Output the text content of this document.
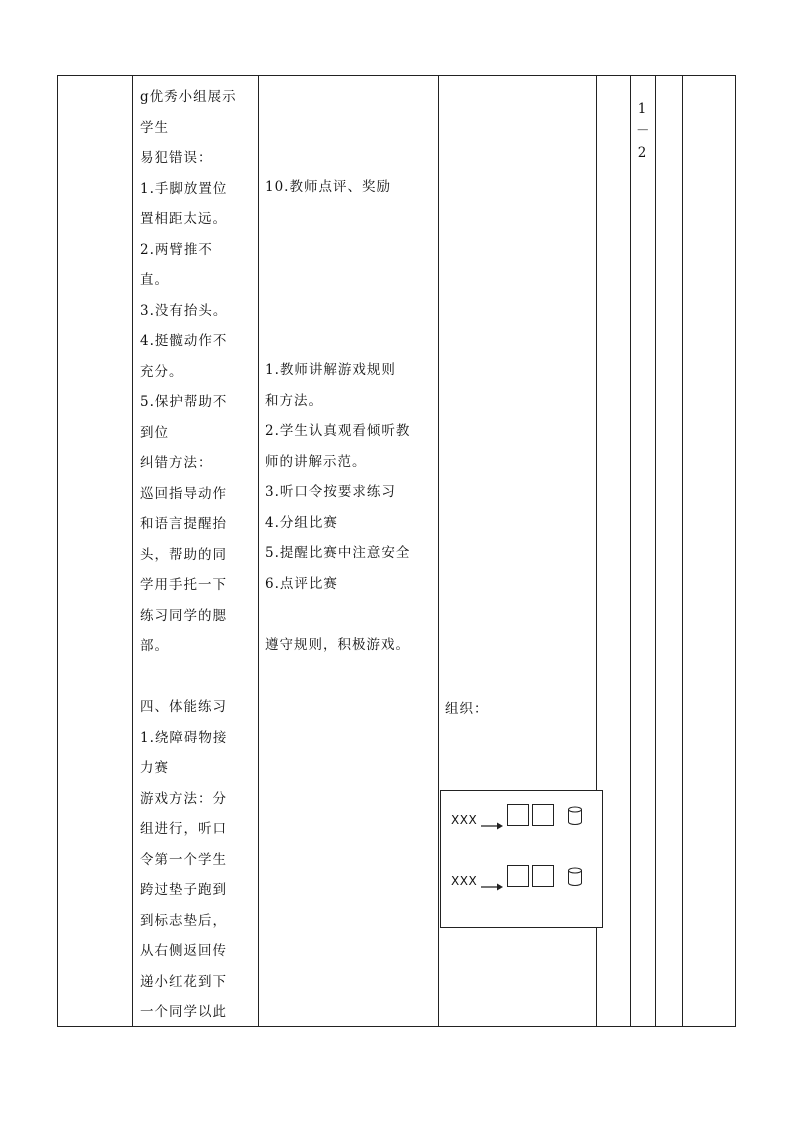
g优秀小组展示
学生
易犯错误：
1.手脚放置位
置相距太远。
2.两臂推不
直。
3.没有抬头。
4.挺髋动作不
充分。
5.保护帮助不
到位
纠错方法：
巡回指导动作
和语言提醒抬
头，帮助的同
学用手托一下
练习同学的腮
部。
四、体能练习
1.绕障碍物接
力赛
游戏方法：分
组进行，听口
令第一个学生
跨过垫子跑到
到标志垫后，
从右侧返回传
递小红花到下
一个同学以此
10.教师点评、奖励
1.教师讲解游戏规则
和方法。
2.学生认真观看倾听教
师的讲解示范。
3.听口令按要求练习
4.分组比赛
5.提醒比赛中注意安全
6.点评比赛
遵守规则，积极游戏。
组织：
1
－
2
XXX
XXX
